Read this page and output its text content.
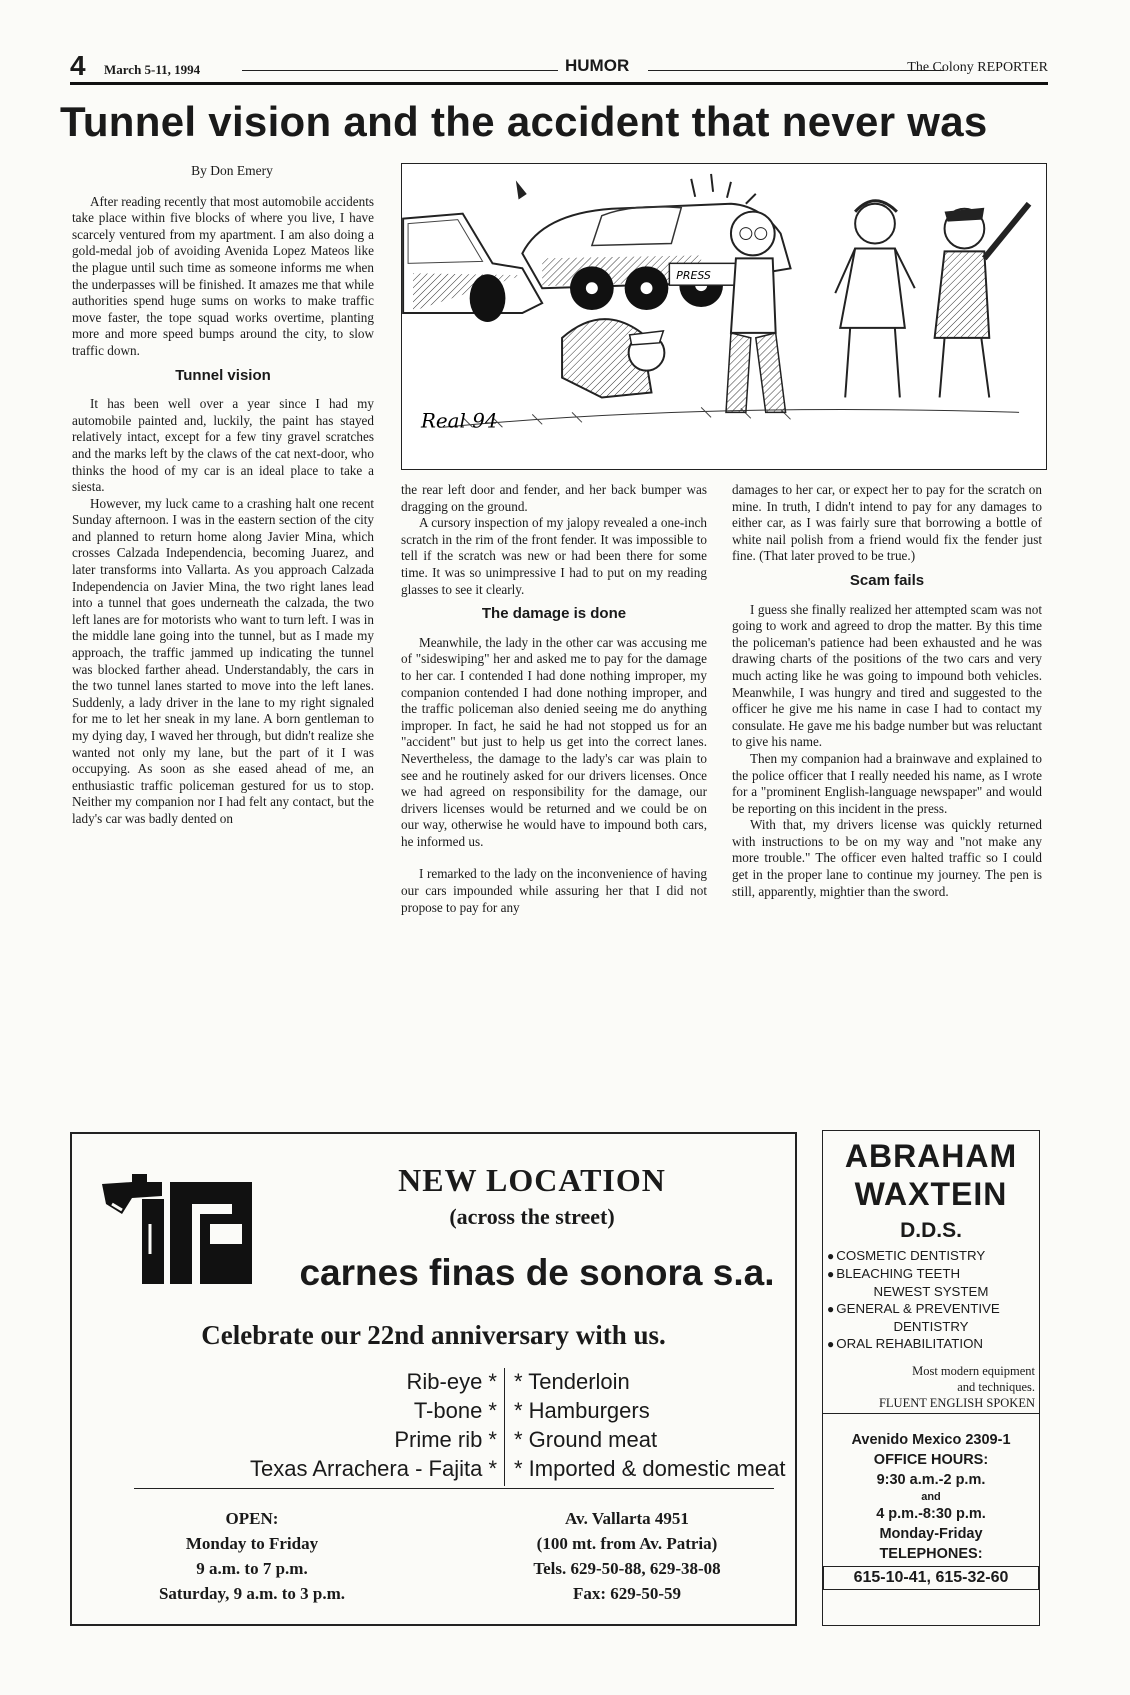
4 March 5-11, 1994	HUMOR	The Colony REPORTER
Tunnel vision and the accident that never was

By Don Emery

After reading recently that most automobile accidents take place within five blocks of where you live, I have scarcely ventured from my apartment. I am also doing a gold-medal job of avoiding Avenida Lopez Mateos like the plague until such time as someone informs me when the underpasses will be finished. It amazes me that while authorities spend huge sums on works to make traffic move faster, the tope squad works overtime, planting more and more speed bumps around the city, to slow traffic down.

Tunnel vision

It has been well over a year since I had my automobile painted and, luckily, the paint has stayed relatively intact, except for a few tiny gravel scratches and the marks left by the claws of the cat next-door, who thinks the hood of my car is an ideal place to take a siesta.

However, my luck came to a crashing halt one recent Sunday afternoon. I was in the eastern section of the city and planned to return home along Javier Mina, which crosses Calzada Independencia, becoming Juarez, and later transforms into Vallarta. As you approach Calzada Independencia on Javier Mina, the two right lanes lead into a tunnel that goes underneath the calzada, the two left lanes are for motorists who want to turn left. I was in the middle lane going into the tunnel, but as I made my approach, the traffic jammed up indicating the tunnel was blocked farther ahead. Understandably, the cars in the two tunnel lanes started to move into the left lanes. Suddenly, a lady driver in the lane to my right signaled for me to let her sneak in my lane. A born gentleman to my dying day, I waved her through, but didn't realize she wanted not only my lane, but the part of it I was occupying. As soon as she eased ahead of me, an enthusiastic traffic policeman gestured for us to stop. Neither my companion nor I had felt any contact, but the lady's car was badly dented on

PRESS
Real 94

the rear left door and fender, and her back bumper was dragging on the ground.

A cursory inspection of my jalopy revealed a one-inch scratch in the rim of the front fender. It was impossible to tell if the scratch was new or had been there for some time. It was so unimpressive I had to put on my reading glasses to see it clearly.

The damage is done

Meanwhile, the lady in the other car was accusing me of "sideswiping" her and asked me to pay for the damage to her car. I contended I had done nothing improper, my companion contended I had done nothing improper, and the traffic policeman also denied seeing me do anything improper. In fact, he said he had not stopped us for an "accident" but just to help us get into the correct lanes. Nevertheless, the damage to the lady's car was plain to see and he routinely asked for our drivers licenses. Once we had agreed on responsibility for the damage, our drivers licenses would be returned and we could be on our way, otherwise he would have to impound both cars, he informed us.

I remarked to the lady on the inconvenience of having our cars impounded while assuring her that I did not propose to pay for any

damages to her car, or expect her to pay for the scratch on mine. In truth, I didn't intend to pay for any damages to either car, as I was fairly sure that borrowing a bottle of white nail polish from a friend would fix the fender just fine. (That later proved to be true.)

Scam fails

I guess she finally realized her attempted scam was not going to work and agreed to drop the matter. By this time the policeman's patience had been exhausted and he was drawing charts of the positions of the two cars and very much acting like he was going to impound both vehicles. Meanwhile, I was hungry and tired and suggested to the officer he give me his name in case I had to contact my consulate. He gave me his badge number but was reluctant to give his name.

Then my companion had a brainwave and explained to the police officer that I really needed his name, as I wrote for a "prominent English-language newspaper" and would be reporting on this incident in the press.

With that, my drivers license was quickly returned with instructions to be on my way and "not make any more trouble." The officer even halted traffic so I could get in the proper lane to continue my journey. The pen is still, apparently, mightier than the sword.

NEW LOCATION
(across the street)
carnes finas de sonora s.a.
Celebrate our 22nd anniversary with us.
Rib-eye *
T-bone *
Prime rib *
Texas Arrachera - Fajita *
* Tenderloin
* Hamburgers
* Ground meat
* Imported & domestic meat
OPEN:
Monday to Friday
9 a.m. to 7 p.m.
Saturday, 9 a.m. to 3 p.m.
Av. Vallarta 4951
(100 mt. from Av. Patria)
Tels. 629-50-88, 629-38-08
Fax: 629-50-59
ABRAHAM
WAXTEIN
D.D.S.
● COSMETIC DENTISTRY
● BLEACHING TEETH
NEWEST SYSTEM
● GENERAL & PREVENTIVE
DENTISTRY
● ORAL REHABILITATION
Most modern equipment
and techniques.
FLUENT ENGLISH SPOKEN
Avenido Mexico 2309-1
OFFICE HOURS:
9:30 a.m.-2 p.m.
and
4 p.m.-8:30 p.m.
Monday-Friday
TELEPHONES:
615-10-41, 615-32-60
